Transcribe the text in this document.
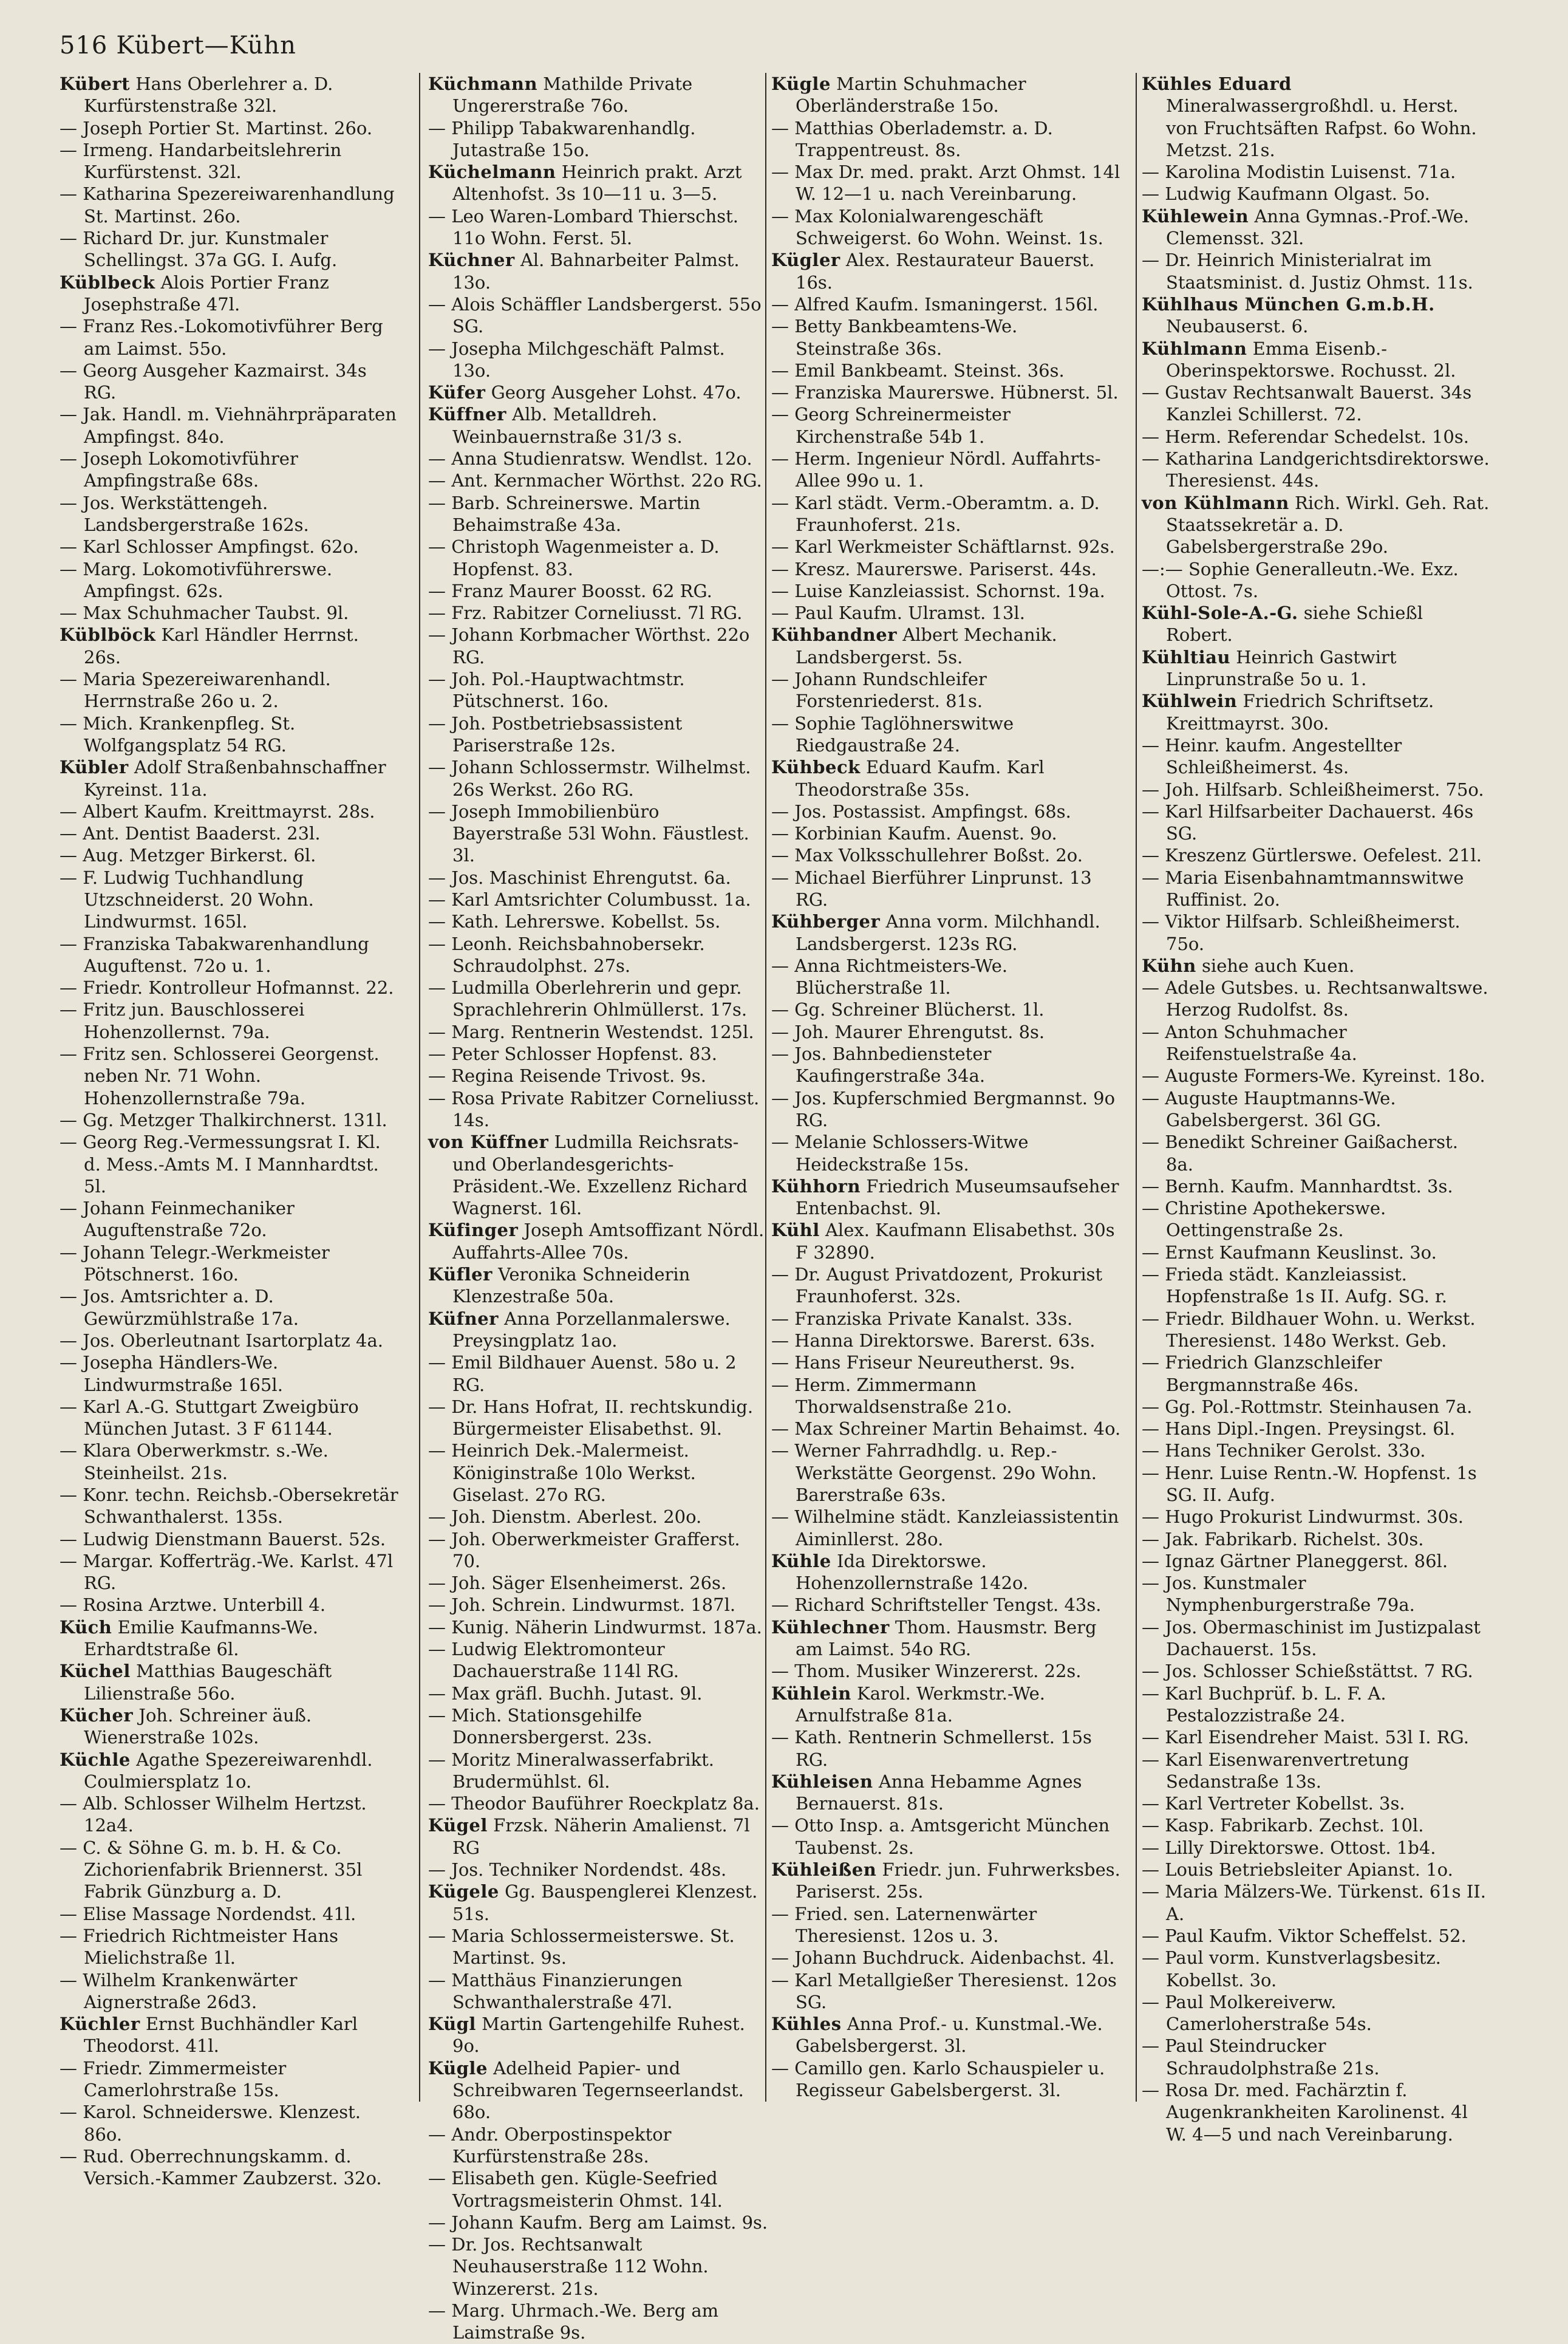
516 Kübert—Kühn
Kübert Hans Oberlehrer a. D. Kurfürstenstraße 32l.
— Joseph Portier St. Martinst. 26o.
— Irmeng. Handarbeitslehrerin Kurfürstenst. 32l.
— Katharina Spezereiwarenhandlung St. Martinst. 26o.
— Richard Dr. jur. Kunstmaler Schellingst. 37a GG. I. Aufg.
Küblbeck Alois Portier Franz Josephstraße 47l.
— Franz Res.-Lokomotivführer Berg am Laimst. 55o.
— Georg Ausgeher Kazmairst. 34s RG.
— Jak. Handl. m. Viehnährpräparaten Ampfingst. 84o.
— Joseph Lokomotivführer Ampfingstraße 68s.
— Jos. Werkstättengeh. Landsbergerstraße 162s.
— Karl Schlosser Ampfingst. 62o.
— Marg. Lokomotivführerswe. Ampfingst. 62s.
— Max Schuhmacher Taubst. 9l.
Küblböck Karl Händler Herrnst. 26s.
— Maria Spezereiwarenhandl. Herrnstraße 26o u. 2.
— Mich. Krankenpfleg. St. Wolfgangsplatz 54 RG.
Kübler Adolf Straßenbahnschaffner Kyreinst. 11a.
— Albert Kaufm. Kreittmayrst. 28s.
— Ant. Dentist Baaderst. 23l.
— Aug. Metzger Birkerst. 6l.
— F. Ludwig Tuchhandlung Utzschneiderst. 20 Wohn. Lindwurmst. 165l.
— Franziska Tabakwarenhandlung Auguftenst. 72o u. 1.
— Friedr. Kontrolleur Hofmannst. 22.
— Fritz jun. Bauschlosserei Hohenzollernst. 79a.
— Fritz sen. Schlosserei Georgenst. neben Nr. 71 Wohn. Hohenzollernstraße 79a.
— Gg. Metzger Thalkirchnerst. 131l.
— Georg Reg.-Vermessungsrat I. Kl. d. Mess.-Amts M. I Mannhardtst. 5l.
— Johann Feinmechaniker Auguftenstraße 72o.
— Johann Telegr.-Werkmeister Pötschnerst. 16o.
— Jos. Amtsrichter a. D. Gewürzmühlstraße 17a.
— Jos. Oberleutnant Isartorplatz 4a.
— Josepha Händlers-We. Lindwurmstraße 165l.
— Karl A.-G. Stuttgart Zweigbüro München Jutast. 3 F 61144.
— Klara Oberwerkmstr. s.-We. Steinheilst. 21s.
— Konr. techn. Reichsb.-Obersekretär Schwanthalerst. 135s.
— Ludwig Dienstmann Bauerst. 52s.
— Margar. Kofferträg.-We. Karlst. 47l RG.
— Rosina Arztwe. Unterbill 4.
Küch Emilie Kaufmanns-We. Erhardtstraße 6l.
Küchel Matthias Baugeschäft Lilienstraße 56o.
Kücher Joh. Schreiner äuß. Wienerstraße 102s.
Küchle Agathe Spezereiwarenhdl. Coulmiersplatz 1o.
— Alb. Schlosser Wilhelm Hertzst. 12a4.
— C. & Söhne G. m. b. H. & Co. Zichorienfabrik Briennerst. 35l Fabrik Günzburg a. D.
— Elise Massage Nordendst. 41l.
— Friedrich Richtmeister Hans Mielichstraße 1l.
— Wilhelm Krankenwärter Aignerstraße 26d3.
Küchler Ernst Buchhändler Karl Theodorst. 41l.
— Friedr. Zimmermeister Camerlohrstraße 15s.
— Karol. Schneiderswe. Klenzest. 86o.
— Rud. Oberrechnungskamm. d. Versich.-Kammer Zaubzerst. 32o.
Küchmann Mathilde Private Ungererstraße 76o.
— Philipp Tabakwarenhandlg. Jutastraße 15o.
Küchelmann Heinrich prakt. Arzt Altenhofst. 3s 10—11 u. 3—5.
— Leo Waren-Lombard Thierschst. 11o Wohn. Ferst. 5l.
Küchner Al. Bahnarbeiter Palmst. 13o.
— Alois Schäffler Landsbergerst. 55o SG.
— Josepha Milchgeschäft Palmst. 13o.
Küfer Georg Ausgeher Lohst. 47o.
Küffner Alb. Metalldreh. Weinbauernstraße 31/3 s.
— Anna Studienratsw. Wendlst. 12o.
— Ant. Kernmacher Wörthst. 22o RG.
— Barb. Schreinerswe. Martin Behaimstraße 43a.
— Christoph Wagenmeister a. D. Hopfenst. 83.
— Franz Maurer Boosst. 62 RG.
— Frz. Rabitzer Corneliusst. 7l RG.
— Johann Korbmacher Wörthst. 22o RG.
— Joh. Pol.-Hauptwachtmstr. Pütschnerst. 16o.
— Joh. Postbetriebsassistent Pariserstraße 12s.
— Johann Schlossermstr. Wilhelmst. 26s Werkst. 26o RG.
— Joseph Immobilienbüro Bayerstraße 53l Wohn. Fäustlest. 3l.
— Jos. Maschinist Ehrengutst. 6a.
— Karl Amtsrichter Columbusst. 1a.
— Kath. Lehrerswe. Kobellst. 5s.
— Leonh. Reichsbahnobersekr. Schraudolphst. 27s.
— Ludmilla Oberlehrerin und gepr. Sprachlehrerin Ohlmüllerst. 17s.
— Marg. Rentnerin Westendst. 125l.
— Peter Schlosser Hopfenst. 83.
— Regina Reisende Trivost. 9s.
— Rosa Private Rabitzer Corneliusst. 14s.
von Küffner Ludmilla Reichsrats- und Oberlandesgerichts-Präsident.-We. Exzellenz Richard Wagnerst. 16l.
Küfinger Joseph Amtsoffizant Nördl. Auffahrts-Allee 70s.
Küfler Veronika Schneiderin Klenzestraße 50a.
Küfner Anna Porzellanmalerswe. Preysingplatz 1ao.
— Emil Bildhauer Auenst. 58o u. 2 RG.
— Dr. Hans Hofrat, II. rechtskundig. Bürgermeister Elisabethst. 9l.
— Heinrich Dek.-Malermeist. Königinstraße 10lo Werkst. Giselast. 27o RG.
— Joh. Dienstm. Aberlest. 20o.
— Joh. Oberwerkmeister Grafferst. 70.
— Joh. Säger Elsenheimerst. 26s.
— Joh. Schrein. Lindwurmst. 187l.
— Kunig. Näherin Lindwurmst. 187a.
— Ludwig Elektromonteur Dachauerstraße 114l RG.
— Max gräfl. Buchh. Jutast. 9l.
— Mich. Stationsgehilfe Donnersbergerst. 23s.
— Moritz Mineralwasserfabrikt. Brudermühlst. 6l.
— Theodor Bauführer Roeckplatz 8a.
Kügel Frzsk. Näherin Amalienst. 7l RG
— Jos. Techniker Nordendst. 48s.
Kügele Gg. Bauspenglerei Klenzest. 51s.
— Maria Schlossermeisterswe. St. Martinst. 9s.
— Matthäus Finanzierungen Schwanthalerstraße 47l.
Kügl Martin Gartengehilfe Ruhest. 9o.
Kügle Adelheid Papier- und Schreibwaren Tegernseerlandst. 68o.
— Andr. Oberpostinspektor Kurfürstenstraße 28s.
— Elisabeth gen. Kügle-Seefried Vortragsmeisterin Ohmst. 14l.
— Johann Kaufm. Berg am Laimst. 9s.
— Dr. Jos. Rechtsanwalt Neuhauserstraße 112 Wohn. Winzererst. 21s.
— Marg. Uhrmach.-We. Berg am Laimstraße 9s.
Kügle Martin Schuhmacher Oberländerstraße 15o.
— Matthias Oberlademstr. a. D. Trappentreust. 8s.
— Max Dr. med. prakt. Arzt Ohmst. 14l W. 12—1 u. nach Vereinbarung.
— Max Kolonialwarengeschäft Schweigerst. 6o Wohn. Weinst. 1s.
Kügler Alex. Restaurateur Bauerst. 16s.
— Alfred Kaufm. Ismaningerst. 156l.
— Betty Bankbeamtens-We. Steinstraße 36s.
— Emil Bankbeamt. Steinst. 36s.
— Franziska Maurerswe. Hübnerst. 5l.
— Georg Schreinermeister Kirchenstraße 54b 1.
— Herm. Ingenieur Nördl. Auffahrts-Allee 99o u. 1.
— Karl städt. Verm.-Oberamtm. a. D. Fraunhoferst. 21s.
— Karl Werkmeister Schäftlarnst. 92s.
— Kresz. Maurerswe. Pariserst. 44s.
— Luise Kanzleiassist. Schornst. 19a.
— Paul Kaufm. Ulramst. 13l.
Kühbandner Albert Mechanik. Landsbergerst. 5s.
— Johann Rundschleifer Forstenriederst. 81s.
— Sophie Taglöhnerswitwe Riedgaustraße 24.
Kühbeck Eduard Kaufm. Karl Theodorstraße 35s.
— Jos. Postassist. Ampfingst. 68s.
— Korbinian Kaufm. Auenst. 9o.
— Max Volksschullehrer Boßst. 2o.
— Michael Bierführer Linprunst. 13 RG.
Kühberger Anna vorm. Milchhandl. Landsbergerst. 123s RG.
— Anna Richtmeisters-We. Blücherstraße 1l.
— Gg. Schreiner Blücherst. 1l.
— Joh. Maurer Ehrengutst. 8s.
— Jos. Bahnbediensteter Kaufingerstraße 34a.
— Jos. Kupferschmied Bergmannst. 9o RG.
— Melanie Schlossers-Witwe Heideckstraße 15s.
Kühhorn Friedrich Museumsaufseher Entenbachst. 9l.
Kühl Alex. Kaufmann Elisabethst. 30s F 32890.
— Dr. August Privatdozent, Prokurist Fraunhoferst. 32s.
— Franziska Private Kanalst. 33s.
— Hanna Direktorswe. Barerst. 63s.
— Hans Friseur Neureutherst. 9s.
— Herm. Zimmermann Thorwaldsenstraße 21o.
— Max Schreiner Martin Behaimst. 4o.
— Werner Fahrradhdlg. u. Rep.-Werkstätte Georgenst. 29o Wohn. Barerstraße 63s.
— Wilhelmine städt. Kanzleiassistentin Aiminllerst. 28o.
Kühle Ida Direktorswe. Hohenzollernstraße 142o.
— Richard Schriftsteller Tengst. 43s.
Kühlechner Thom. Hausmstr. Berg am Laimst. 54o RG.
— Thom. Musiker Winzererst. 22s.
Kühlein Karol. Werkmstr.-We. Arnulfstraße 81a.
— Kath. Rentnerin Schmellerst. 15s RG.
Kühleisen Anna Hebamme Agnes Bernauerst. 81s.
— Otto Insp. a. Amtsgericht München Taubenst. 2s.
Kühleißen Friedr. jun. Fuhrwerksbes. Pariserst. 25s.
— Fried. sen. Laternenwärter Theresienst. 12os u. 3.
— Johann Buchdruck. Aidenbachst. 4l.
— Karl Metallgießer Theresienst. 12os SG.
Kühles Anna Prof.- u. Kunstmal.-We. Gabelsbergerst. 3l.
— Camillo gen. Karlo Schauspieler u. Regisseur Gabelsbergerst. 3l.
Kühles Eduard Mineralwassergroßhdl. u. Herst. von Fruchtsäften Rafpst. 6o Wohn. Metzst. 21s.
— Karolina Modistin Luisenst. 71a.
— Ludwig Kaufmann Olgast. 5o.
Kühlewein Anna Gymnas.-Prof.-We. Clemensst. 32l.
— Dr. Heinrich Ministerialrat im Staatsminist. d. Justiz Ohmst. 11s.
Kühlhaus München G.m.b.H. Neubauserst. 6.
Kühlmann Emma Eisenb.-Oberinspektorswe. Rochusst. 2l.
— Gustav Rechtsanwalt Bauerst. 34s Kanzlei Schillerst. 72.
— Herm. Referendar Schedelst. 10s.
— Katharina Landgerichtsdirektorswe. Theresienst. 44s.
von Kühlmann Rich. Wirkl. Geh. Rat. Staatssekretär a. D. Gabelsbergerstraße 29o.
—:— Sophie Generalleutn.-We. Exz. Ottost. 7s.
Kühl-Sole-A.-G. siehe Schießl Robert.
Kühltiau Heinrich Gastwirt Linprunstraße 5o u. 1.
Kühlwein Friedrich Schriftsetz. Kreittmayrst. 30o.
— Heinr. kaufm. Angestellter Schleißheimerst. 4s.
— Joh. Hilfsarb. Schleißheimerst. 75o.
— Karl Hilfsarbeiter Dachauerst. 46s SG.
— Kreszenz Gürtlerswe. Oefelest. 21l.
— Maria Eisenbahnamtmannswitwe Ruffinist. 2o.
— Viktor Hilfsarb. Schleißheimerst. 75o.
Kühn siehe auch Kuen.
— Adele Gutsbes. u. Rechtsanwaltswe. Herzog Rudolfst. 8s.
— Anton Schuhmacher Reifenstuelstraße 4a.
— Auguste Formers-We. Kyreinst. 18o.
— Auguste Hauptmanns-We. Gabelsbergerst. 36l GG.
— Benedikt Schreiner Gaißacherst. 8a.
— Bernh. Kaufm. Mannhardtst. 3s.
— Christine Apothekerswe. Oettingenstraße 2s.
— Ernst Kaufmann Keuslinst. 3o.
— Frieda städt. Kanzleiassist. Hopfenstraße 1s II. Aufg. SG. r.
— Friedr. Bildhauer Wohn. u. Werkst. Theresienst. 148o Werkst. Geb.
— Friedrich Glanzschleifer Bergmannstraße 46s.
— Gg. Pol.-Rottmstr. Steinhausen 7a.
— Hans Dipl.-Ingen. Preysingst. 6l.
— Hans Techniker Gerolst. 33o.
— Henr. Luise Rentn.-W. Hopfenst. 1s SG. II. Aufg.
— Hugo Prokurist Lindwurmst. 30s.
— Jak. Fabrikarb. Richelst. 30s.
— Ignaz Gärtner Planeggerst. 86l.
— Jos. Kunstmaler Nymphenburgerstraße 79a.
— Jos. Obermaschinist im Justizpalast Dachauerst. 15s.
— Jos. Schlosser Schießstättst. 7 RG.
— Karl Buchprüf. b. L. F. A. Pestalozzistraße 24.
— Karl Eisendreher Maist. 53l I. RG.
— Karl Eisenwarenvertretung Sedanstraße 13s.
— Karl Vertreter Kobellst. 3s.
— Kasp. Fabrikarb. Zechst. 10l.
— Lilly Direktorswe. Ottost. 1b4.
— Louis Betriebsleiter Apianst. 1o.
— Maria Mälzers-We. Türkenst. 61s II. A.
— Paul Kaufm. Viktor Scheffelst. 52.
— Paul vorm. Kunstverlagsbesitz. Kobellst. 3o.
— Paul Molkereiverw. Camerloherstraße 54s.
— Paul Steindrucker Schraudolphstraße 21s.
— Rosa Dr. med. Fachärztin f. Augenkrankheiten Karolinenst. 4l W. 4—5 und nach Vereinbarung.
